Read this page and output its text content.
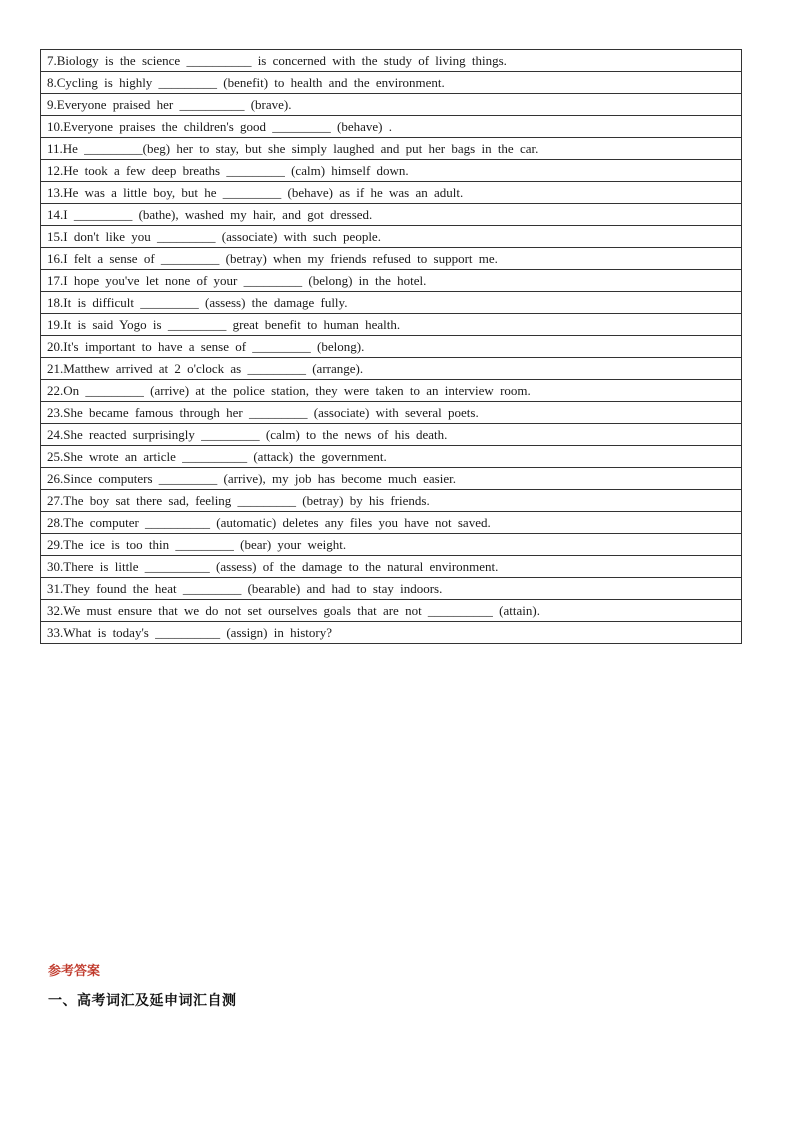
7.Biology is the science __________ is concerned with the study of living things.
8.Cycling is highly _________ (benefit) to health and the environment.
9.Everyone praised her __________ (brave).
10.Everyone praises the children's good _________ (behave) .
11.He _________(beg) her to stay, but she simply laughed and put her bags in the car.
12.He took a few deep breaths _________ (calm) himself down.
13.He was a little boy, but he _________ (behave) as if he was an adult.
14.I _________ (bathe), washed my hair, and got dressed.
15.I don't like you _________ (associate) with such people.
16.I felt a sense of _________ (betray) when my friends refused to support me.
17.I hope you've let none of your _________ (belong) in the hotel.
18.It is difficult _________ (assess) the damage fully.
19.It is said Yogo is _________ great benefit to human health.
20.It's important to have a sense of _________ (belong).
21.Matthew arrived at 2 o'clock as _________ (arrange).
22.On _________ (arrive) at the police station, they were taken to an interview room.
23.She became famous through her _________ (associate) with several poets.
24.She reacted surprisingly _________ (calm) to the news of his death.
25.She wrote an article __________ (attack) the government.
26.Since computers _________ (arrive), my job has become much easier.
27.The boy sat there sad, feeling _________ (betray) by his friends.
28.The computer __________ (automatic) deletes any files you have not saved.
29.The ice is too thin _________ (bear) your weight.
30.There is little __________ (assess) of the damage to the natural environment.
31.They found the heat _________ (bearable) and had to stay indoors.
32.We must ensure that we do not set ourselves goals that are not __________ (attain).
33.What is today's __________ (assign) in history?
参考答案
一、高考词汇及延申词汇自测
